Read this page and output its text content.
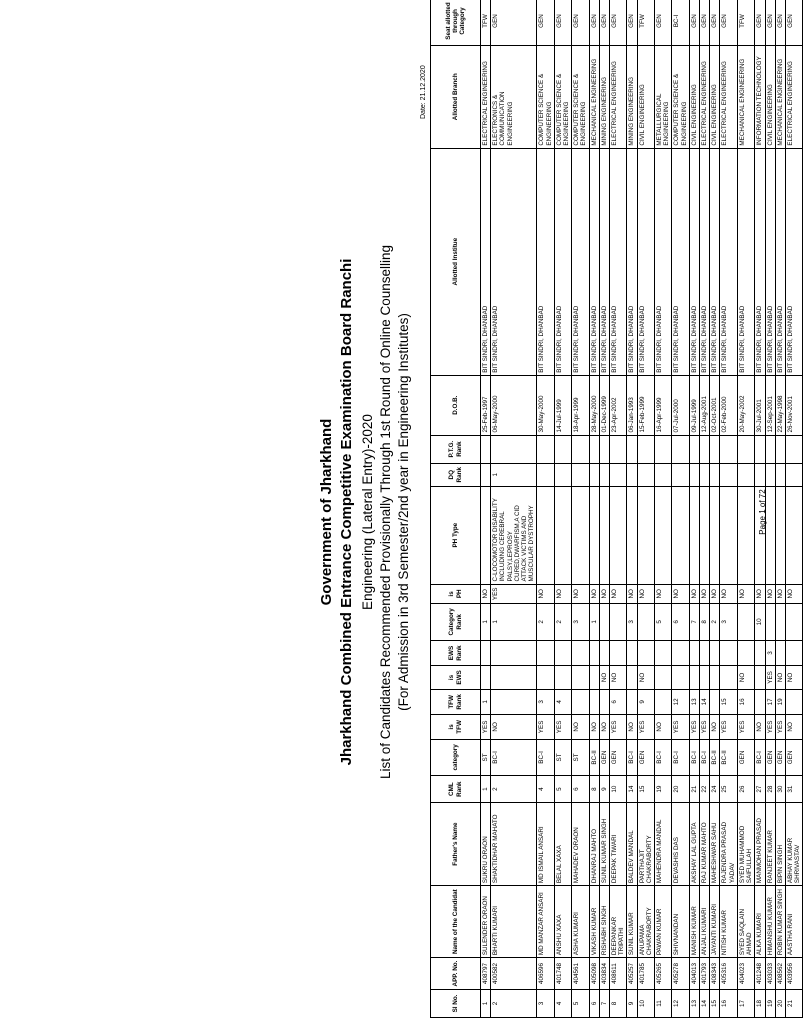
Government of Jharkhand Jharkhand Combined Entrance Competitive Examination Board Ranchi Engineering (Lateral Entry)-2020 List of Candidates Recommended Provisionally Through 1st Round of Online Counselling (For Admission in 3rd Semester/2nd year in Engineering Institutes)
Date: 21.12.2020
Sl No.	APP. No.	Name of the Candidat	Father's Name	CML Rank	category	is TFW	TFW Rank	is EWS	EWS Rank	Category Rank	is PH	PH Type	DQ Rank	P.T.G. Rank	D.O.B.	Allotted Institue	Allotted Branch	Seat allotted through Category
1	408797	SULENDER ORAON	SUKRU ORAON	1	ST	YES	1			1	NO				25-Feb-1997	BIT SINDRI, DHANBAD	ELECTRICAL ENGINEERING	TFW
2	400582	BHARTI KUMARI	SHAKTIDHAR MAHATO	2	BC-I	NO				1	YES	C-LOCOMOTOR DISABILITY INCLUDING CEREBRAL PALSY,LEPROSY CURED,DWARFISM,A CID ATTACK VICTIMS AND MUSCULAR DYSTROPHY	1		06-May-2000	BIT SINDRI, DHANBAD	ELECTRONICS & COMMUNICATION ENGINEERING	GEN
3	406596	MD MANZAR ANSARI	MD ISMAIL ANSARI	4	BC-I	YES	3			2	NO				30-May-2000	BIT SINDRI, DHANBAD	COMPUTER SCIENCE & ENGINEERING	GEN
4	401748	ANSHU XAXA	BELAL XAXA	5	ST	YES	4			2	NO				14-Jul-1999	BIT SINDRI, DHANBAD	COMPUTER SCIENCE & ENGINEERING	GEN
5	404561	ASHA KUMARI	MAHADEV ORAON	6	ST	NO				3	NO				18-Apr-1999	BIT SINDRI, DHANBAD	COMPUTER SCIENCE & ENGINEERING	GEN
6	405098	VIKASH KUMAR	DHANRAJ MAHTO	8	BC-II	NO				1	NO				28-May-2000	BIT SINDRI, DHANBAD	MECHANICAL ENGINEERING	GEN
7	403834	RISHABH SINGH	SUNIL KUMAR SINGH	9	GEN	NO		NO			NO				01-Dec-1999	BIT SINDRI, DHANBAD	MINING ENGINEERING	GEN
8	408611	DEEPANKAR TRIPATHI	DEEPAK TIWARI	10	GEN	YES	6	NO			NO				23-Apr-2002	BIT SINDRI, DHANBAD	ELECTRICAL ENGINEERING	GEN
9	405257	SUNIL KUMAR	BALDEV MANDAL	14	BC-I	NO				3	NO				06-Jan-1993	BIT SINDRI, DHANBAD	MINING ENGINEERING	GEN
10	401785	ANUPAMA CHAKRABORTY	PARTHAJIT CHAKRABORTY	15	GEN	YES	9	NO			NO				15-Feb-1999	BIT SINDRI, DHANBAD	CIVIL ENGINEERING	TFW
11	405265	PAWAN KUMAR	MAHENDRA MANDAL	19	BC-I	NO				5	NO				16-Apr-1999	BIT SINDRI, DHANBAD	METALLURGICAL ENGINEERING	GEN
12	405278	SHIVNANDAN	DEVASHIS DAS	20	BC-I	YES	12			6	NO				07-Jul-2000	BIT SINDRI, DHANBAD	COMPUTER SCIENCE & ENGINEERING	BC-I
13	404013	MANISH KUMAR	AKSHAY LAL GUPTA	21	BC-I	YES	13			7	NO				09-Jul-1999	BIT SINDRI, DHANBAD	CIVIL ENGINEERING	GEN
14	401793	ANJALI KUMARI	RAJ KUMAR MAHTO	22	BC-I	YES	14			8	NO				12-Aug-2001	BIT SINDRI, DHANBAD	ELECTRICAL ENGINEERING	GEN
15	408343	JAYANTI KUMARI	MAHESHWAR SAHU	24	BC-II	NO				2	NO				02-Oct-2001	BIT SINDRI, DHANBAD	CIVIL ENGINEERING	GEN
16	405316	NITISH KUMAR	RAJENDRA PRASAD YADAV	25	BC-II	YES	15			3	NO				02-Feb-2000	BIT SINDRI, DHANBAD	ELECTRICAL ENGINEERING	GEN
17	404023	SYED SAQLAIN AHMAD	SYED MUHAMMOD SAIFULLAH	26	GEN	YES	16	NO			NO				20-May-2002	BIT SINDRI, DHANBAD	MECHANICAL ENGINEERING	TFW
18	401248	ALKA KUMARI	MANMOHAN PRASAD	27	BC-I	NO				10	NO				30-Jul-2001	BIT SINDRI, DHANBAD	INFORMATION TECHNOLOGY	GEN
19	403033	HIMANSHU KUMAR	RANJEET KUMAR	28	GEN	YES	17	YES	3		NO				12-Sep-2001	BIT SINDRI, DHANBAD	CIVIL ENGINEERING	GEN
20	408562	ROBIN KUMAR SINGH	BIPIN SINGH	30	GEN	YES	19	NO			NO				22-May-1998	BIT SINDRI, DHANBAD	MECHANICAL ENGINEERING	GEN
21	403956	AASTHA RANI	ABHAY KUMAR SHRIVASTAV	31	GEN	NO		NO			NO				26-Nov-2001	BIT SINDRI, DHANBAD	ELECTRICAL ENGINEERING	GEN
Page 1 of 72
